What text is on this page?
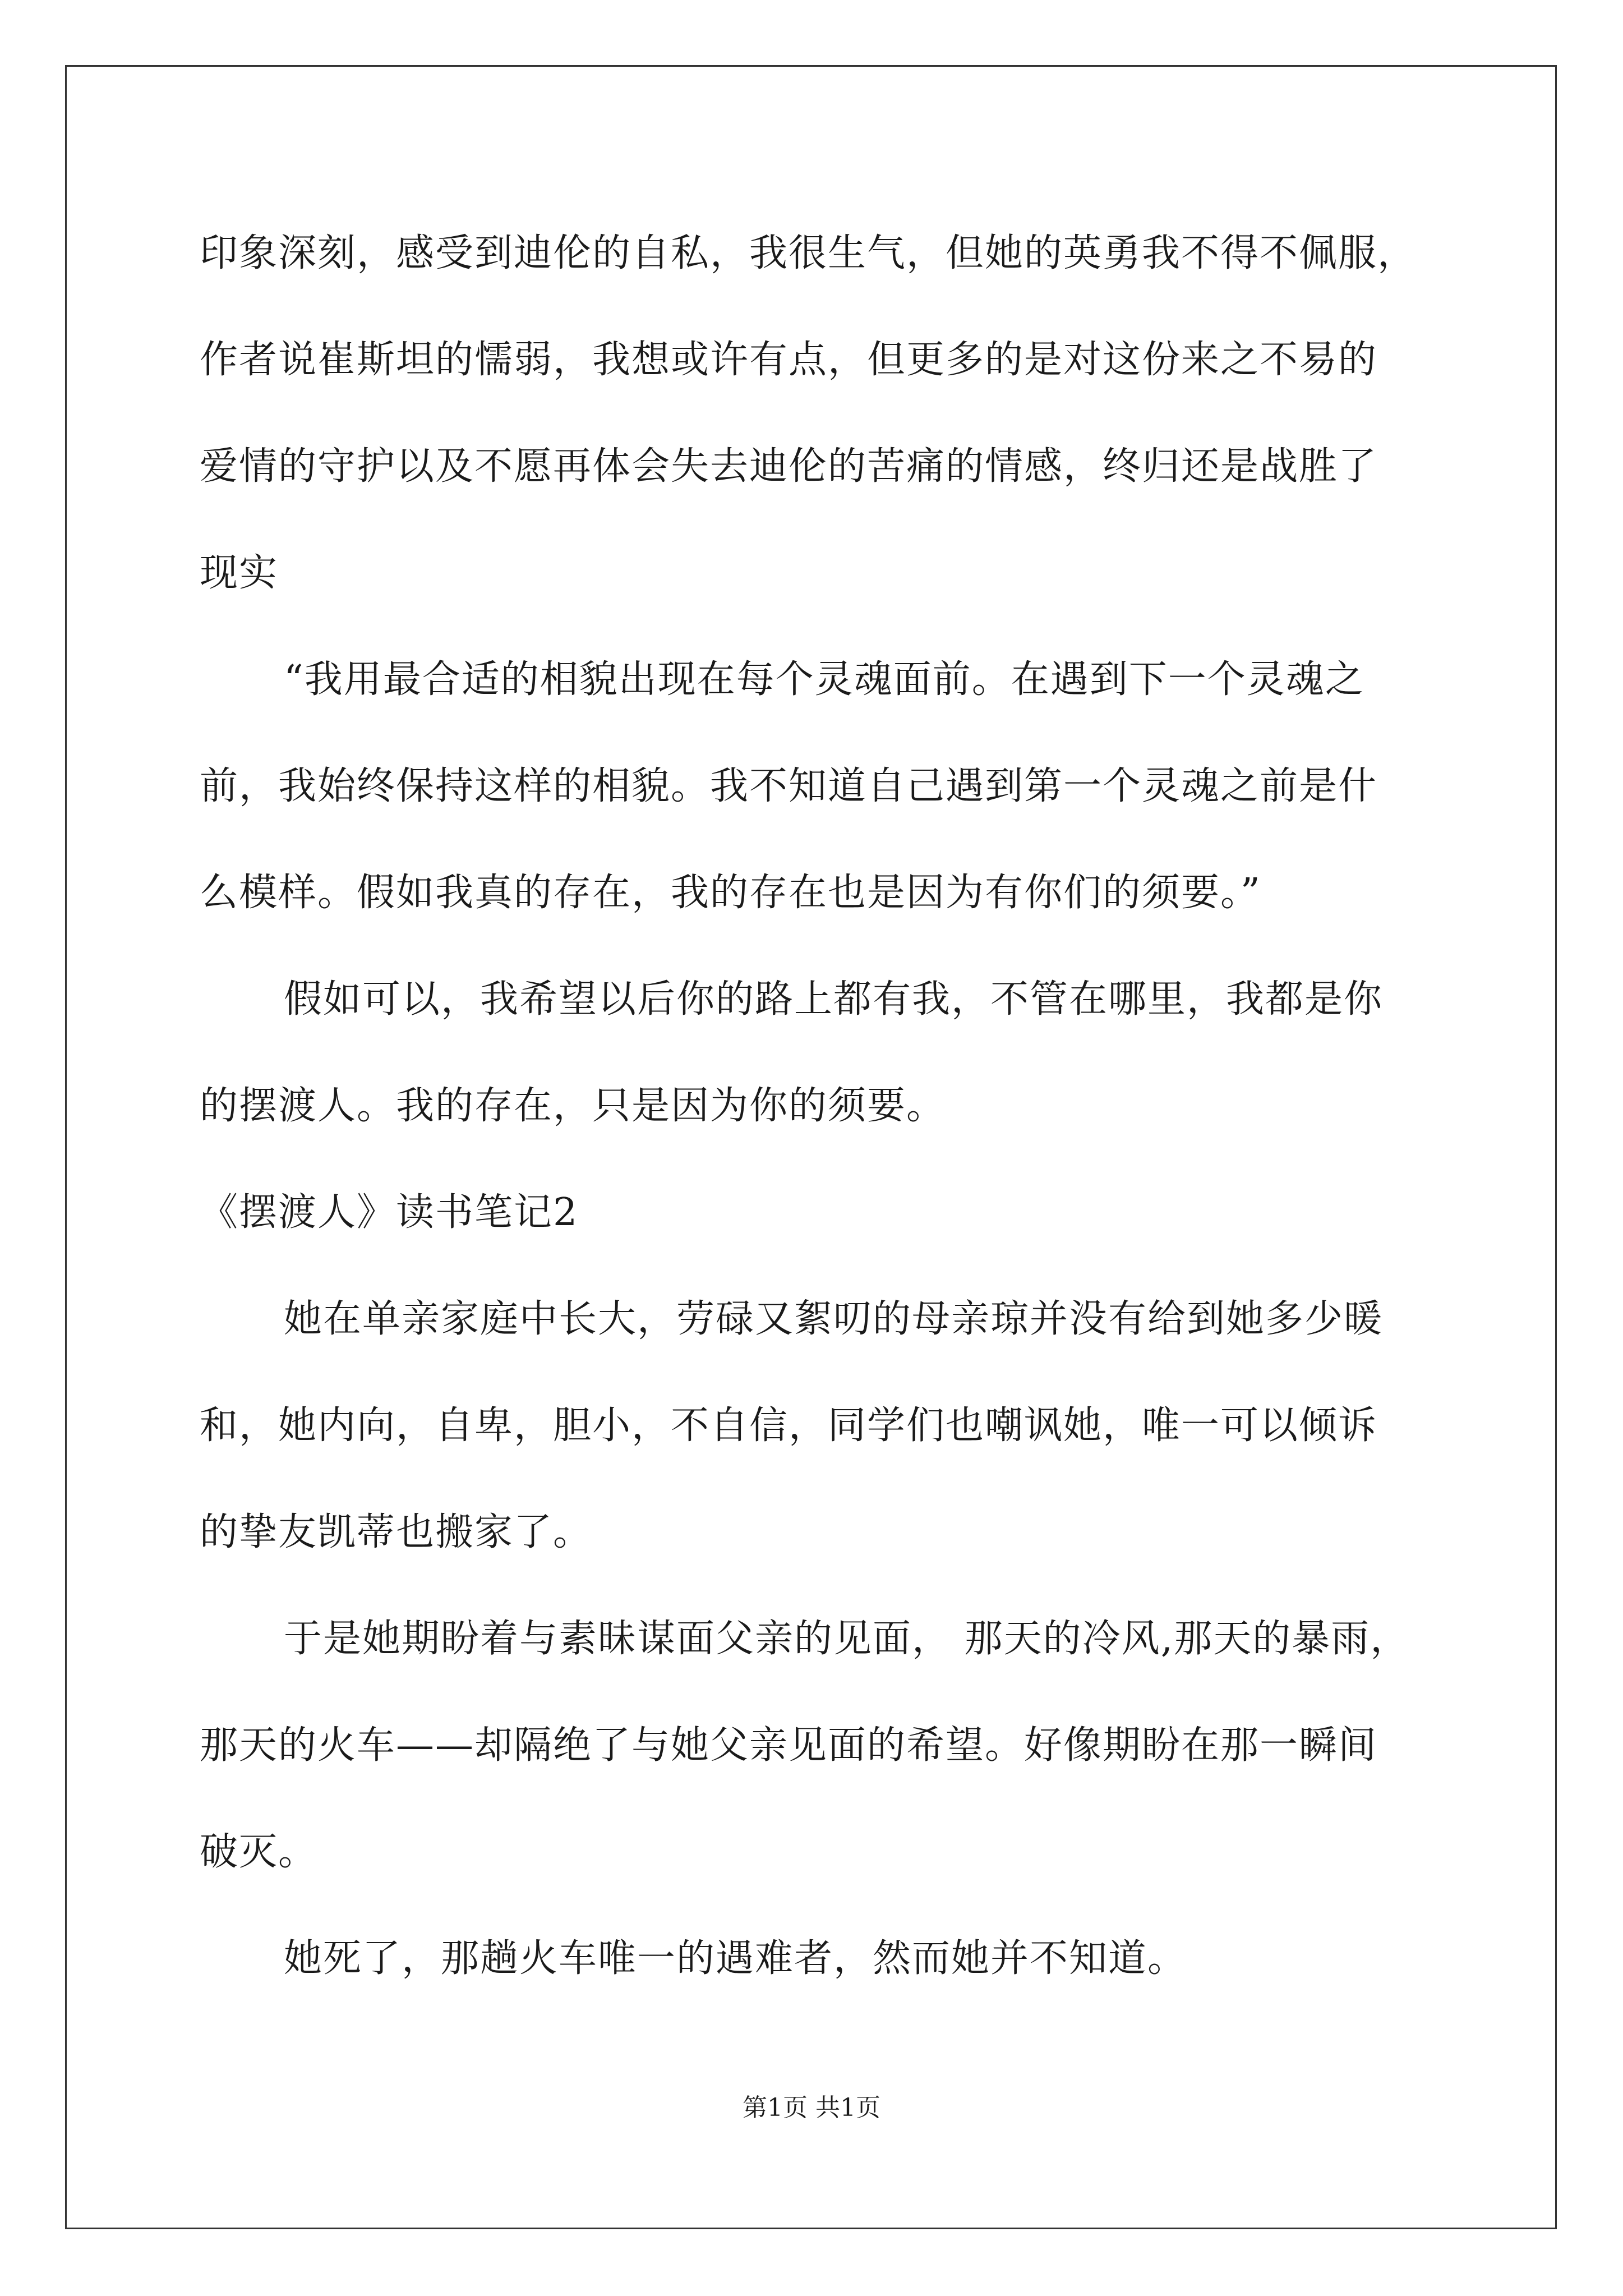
印象深刻，感受到迪伦的自私，我很生气，但她的英勇我不得不佩服，
作者说崔斯坦的懦弱，我想或许有点，但更多的是对这份来之不易的
爱情的守护以及不愿再体会失去迪伦的苦痛的情感，终归还是战胜了
现实
“我用最合适的相貌出现在每个灵魂面前。在遇到下一个灵魂之
前，我始终保持这样的相貌。我不知道自己遇到第一个灵魂之前是什
么模样。假如我真的存在，我的存在也是因为有你们的须要。”
假如可以，我希望以后你的路上都有我，不管在哪里，我都是你
的摆渡人。我的存在，只是因为你的须要。
《摆渡人》读书笔记2
她在单亲家庭中长大，劳碌又絮叨的母亲琼并没有给到她多少暖
和，她内向，自卑，胆小，不自信，同学们也嘲讽她，唯一可以倾诉
的挚友凯蒂也搬家了。
于是她期盼着与素昧谋面父亲的见面， 那天的冷风,那天的暴雨，
那天的火车——却隔绝了与她父亲见面的希望。好像期盼在那一瞬间
破灭。
她死了，那趟火车唯一的遇难者，然而她并不知道。
第1页 共1页
